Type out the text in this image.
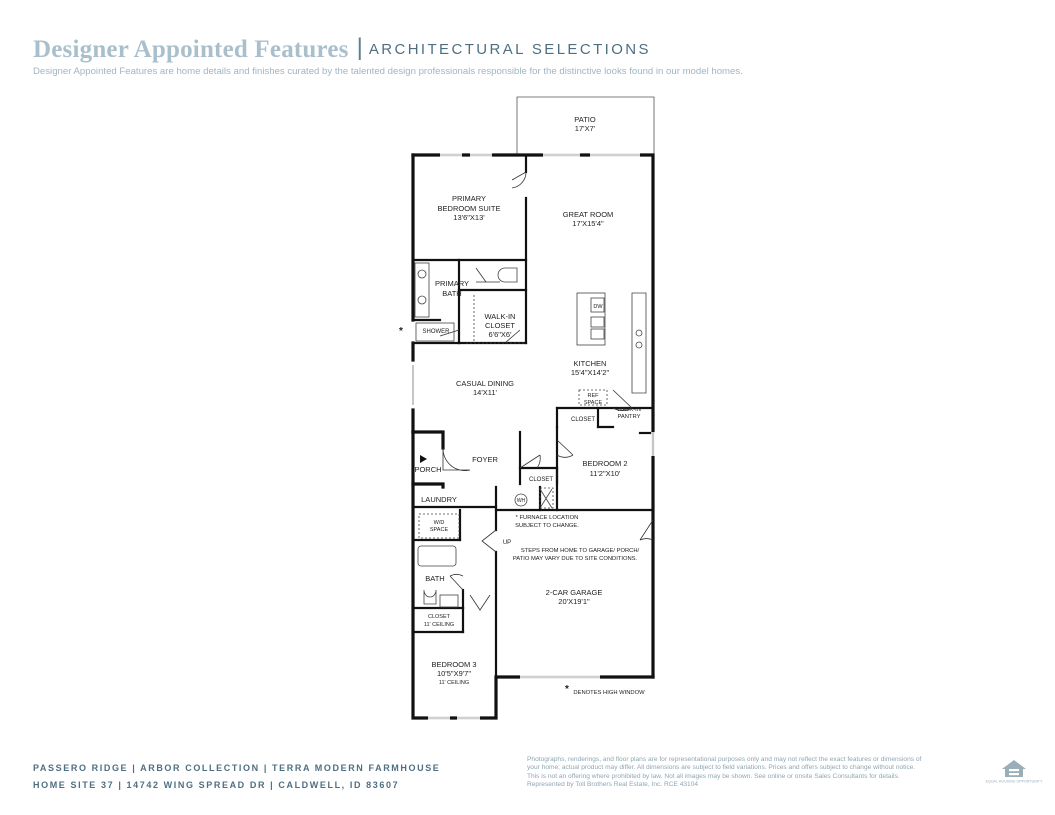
Designer Appointed Features | ARCHITECTURAL SELECTIONS
Designer Appointed Features are home details and finishes curated by the talented design professionals responsible for the distinctive looks found in our model homes.
PATIO
17'X7'
PRIMARY
BEDROOM SUITE
13'6"X13'	GREAT ROOM
17'X15'4"
PRIMARY
BATH
WALK-IN
CLOSET
6'6"X6'
SHOWER
DW
KITCHEN
15'4"X14'2"
CASUAL DINING
14'X11'	REF
SPACE
WALK-IN
PANTRY
CLOSET
FOYER
PORCH
CLOSET
BEDROOM 2
11'2"X10'
LAUNDRY	WH
W/D
SPACE
* FURNACE LOCATION
SUBJECT TO CHANGE.
UP
STEPS FROM HOME TO GARAGE/ PORCH/
PATIO MAY VARY DUE TO SITE CONDITIONS.
BATH
2-CAR GARAGE
20'X19'1"
CLOSET
11' CEILING
BEDROOM 3
10'5"X9'7"
11' CEILING
DENOTES HIGH WINDOW
*
*
PASSERO RIDGE | ARBOR COLLECTION | TERRA MODERN FARMHOUSE
HOME SITE 37 | 14742 WING SPREAD DR | CALDWELL, ID 83607
Photographs, renderings, and floor plans are for representational purposes only and may not reflect the exact features or dimensions of
your home; actual product may differ. All dimensions are subject to field variations. Prices and offers subject to change without notice.
This is not an offering where prohibited by law. Not all images may be shown. See online or onsite Sales Consultants for details.
Represented by Toll Brothers Real Estate, Inc. RCE 43104	EQUAL HOUSING OPPORTUNITY
